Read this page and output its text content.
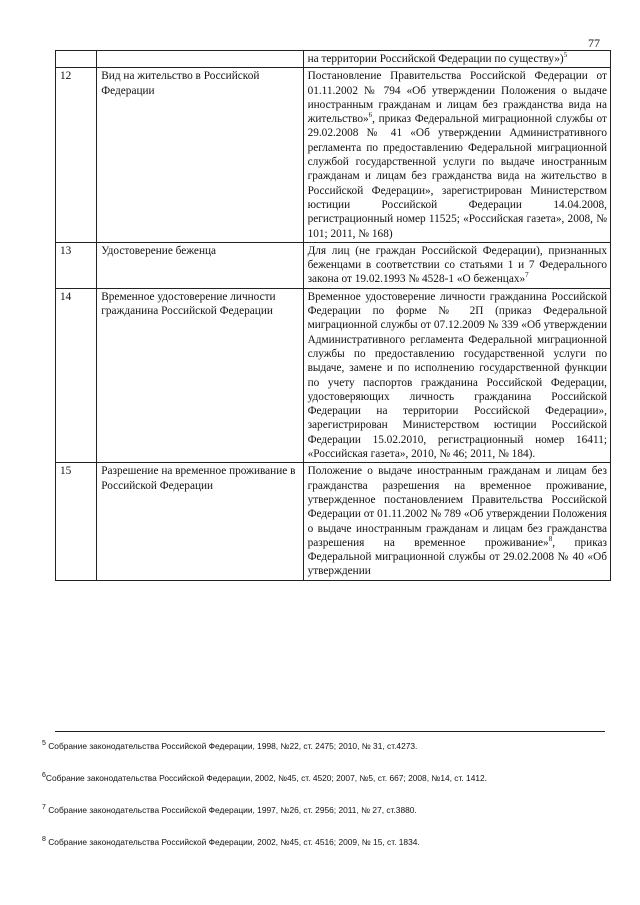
77
		на территории Российской Федерации по существу»)$^5$
12	Вид на жительство в Российской Федерации	Постановление Правительства Российской Федерации от 01.11.2002 № 794 «Об утверждении Положения о выдаче иностранным гражданам и лицам без гражданства вида на жительство»$^6$, приказ Федеральной миграционной службы от 29.02.2008 № 41 «Об утверждении Административного регламента по предоставлению Федеральной миграционной службой государственной услуги по выдаче иностранным гражданам и лицам без гражданства вида на жительство в Российской Федерации», зарегистрирован Министерством юстиции Российской Федерации 14.04.2008, регистрационный номер 11525; «Российская газета», 2008, № 101; 2011, № 168)
13	Удостоверение беженца	Для лиц (не граждан Российской Федерации), признанных беженцами в соответствии со статьями 1 и 7 Федерального закона от 19.02.1993 № 4528-1 «О беженцах»$^7$
14	Временное удостоверение личности гражданина Российской Федерации	Временное удостоверение личности гражданина Российской Федерации по форме № 2П (приказ Федеральной миграционной службы от 07.12.2009 № 339 «Об утверждении Административного регламента Федеральной миграционной службы по предоставлению государственной услуги по выдаче, замене и по исполнению государственной функции по учету паспортов гражданина Российской Федерации, удостоверяющих личность гражданина Российской Федерации на территории Российской Федерации», зарегистрирован Министерством юстиции Российской Федерации 15.02.2010, регистрационный номер 16411; «Российская газета», 2010, № 46; 2011, № 184).
15	Разрешение на временное проживание в Российской Федерации	Положение о выдаче иностранным гражданам и лицам без гражданства разрешения на временное проживание, утвержденное постановлением Правительства Российской Федерации от 01.11.2002 № 789 «Об утверждении Положения о выдаче иностранным гражданам и лицам без гражданства разрешения на временное проживание»$^8$, приказ Федеральной миграционной службы от 29.02.2008 № 40 «Об утверждении

$^5$ Собрание законодательства Российской Федерации, 1998, №22, ст. 2475; 2010, № 31, ст.4273.

$^6$Собрание законодательства Российской Федерации, 2002, №45, ст. 4520; 2007, №5, ст. 667; 2008, №14, ст. 1412.

$^7$ Собрание законодательства Российской Федерации, 1997, №26, ст. 2956; 2011, № 27, ст.3880.

$^8$ Собрание законодательства Российской Федерации, 2002, №45, ст. 4516; 2009, № 15, ст. 1834.
